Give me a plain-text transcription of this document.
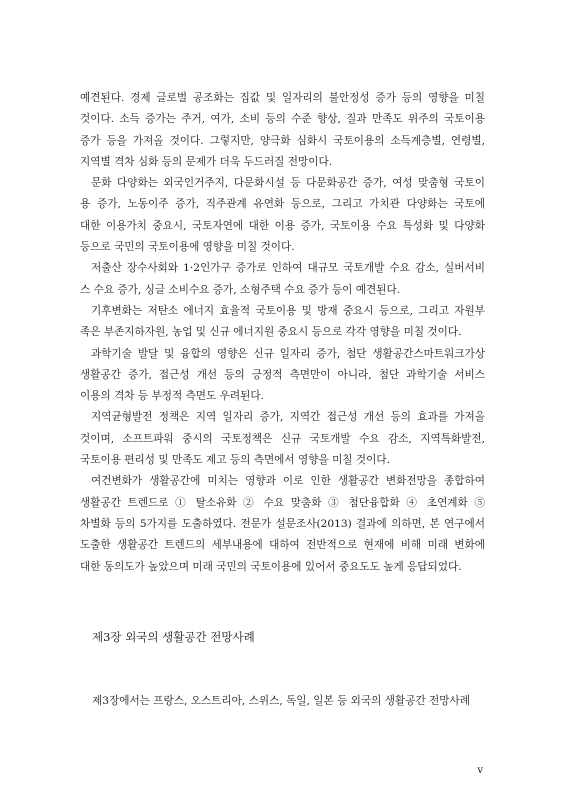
예견된다. 경제 글로벌 공조화는 집값 및 일자리의 불안정성 증가 등의 영향을 미칠
것이다. 소득 증가는 주거, 여가, 소비 등의 수준 향상, 질과 만족도 위주의 국토이용
증가 등을 가져올 것이다. 그렇지만, 양극화 심화시 국토이용의 소득계층별, 연령별,
지역별 격차 심화 등의 문제가 더욱 두드러질 전망이다.
문화 다양화는 외국인거주지, 다문화시설 등 다문화공간 증가, 여성 맞춤형 국토이
용 증가, 노동이주 증가, 직주관계 유연화 등으로, 그리고 가치관 다양화는 국토에
대한 이용가치 중요시, 국토자연에 대한 이용 증가, 국토이용 수요 특성화 및 다양화
등으로 국민의 국토이용에 영향을 미칠 것이다.
저출산 장수사회와 1·2인가구 증가로 인하여 대규모 국토개발 수요 감소, 실버서비
스 수요 증가, 싱글 소비수요 증가, 소형주택 수요 증가 등이 예견된다.
기후변화는 저탄소 에너지 효율적 국토이용 및 방재 중요시 등으로, 그리고 자원부
족은 부존지하자원, 농업 및 신규 에너지원 중요시 등으로 각각 영향을 미칠 것이다.
과학기술 발달 및 융합의 영향은 신규 일자리 증가, 첨단 생활공간스마트워크가상
생활공간 증가, 접근성 개선 등의 긍정적 측면만이 아니라, 첨단 과학기술 서비스
이용의 격차 등 부정적 측면도 우려된다.
지역균형발전 정책은 지역 일자리 증가, 지역간 접근성 개선 등의 효과를 가져올
것이며, 소프트파워 중시의 국토정책은 신규 국토개발 수요 감소, 지역특화발전,
국토이용 편리성 및 만족도 제고 등의 측면에서 영향을 미칠 것이다.
여건변화가 생활공간에 미치는 영향과 이로 인한 생활공간 변화전망을 종합하여
생활공간 트렌드로 ① 탈소유화 ② 수요 맞춤화 ③ 첨단융합화 ④ 초연계화 ⑤
차별화 등의 5가지를 도출하였다. 전문가 설문조사(2013) 결과에 의하면, 본 연구에서
도출한 생활공간 트렌드의 세부내용에 대하여 전반적으로 현재에 비해 미래 변화에
대한 동의도가 높았으며 미래 국민의 국토이용에 있어서 중요도도 높게 응답되었다.
제3장 외국의 생활공간 전망사례
제3장에서는 프랑스, 오스트리아, 스위스, 독일, 일본 등 외국의 생활공간 전망사례
v
